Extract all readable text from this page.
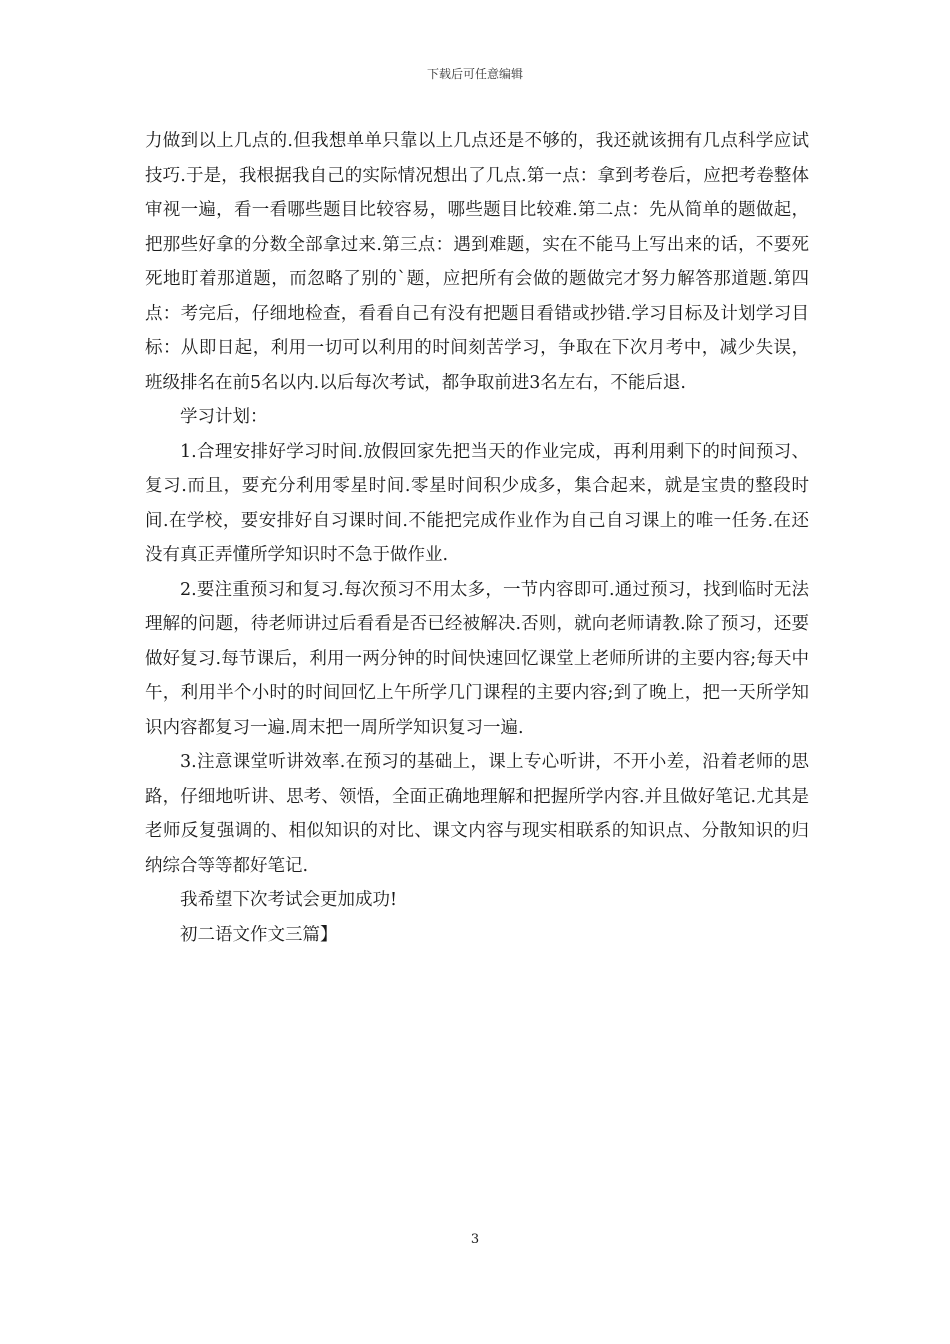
下载后可任意编辑

力做到以上几点的.但我想单单只靠以上几点还是不够的，我还就该拥有几点科学应试技巧.于是，我根据我自己的实际情况想出了几点.第一点：拿到考卷后，应把考卷整体审视一遍，看一看哪些题目比较容易，哪些题目比较难.第二点：先从简单的题做起，把那些好拿的分数全部拿过来.第三点：遇到难题，实在不能马上写出来的话，不要死死地盯着那道题，而忽略了别的`题，应把所有会做的题做完才努力解答那道题.第四点：考完后，仔细地检查，看看自己有没有把题目看错或抄错.学习目标及计划学习目标：从即日起，利用一切可以利用的时间刻苦学习，争取在下次月考中，减少失误，班级排名在前5名以内.以后每次考试，都争取前进3名左右，不能后退.

学习计划：

1.合理安排好学习时间.放假回家先把当天的作业完成，再利用剩下的时间预习、复习.而且，要充分利用零星时间.零星时间积少成多，集合起来，就是宝贵的整段时间.在学校，要安排好自习课时间.不能把完成作业作为自己自习课上的唯一任务.在还没有真正弄懂所学知识时不急于做作业.

2.要注重预习和复习.每次预习不用太多，一节内容即可.通过预习，找到临时无法理解的问题，待老师讲过后看看是否已经被解决.否则，就向老师请教.除了预习，还要做好复习.每节课后，利用一两分钟的时间快速回忆课堂上老师所讲的主要内容;每天中午，利用半个小时的时间回忆上午所学几门课程的主要内容;到了晚上，把一天所学知识内容都复习一遍.周末把一周所学知识复习一遍.

3.注意课堂听讲效率.在预习的基础上，课上专心听讲，不开小差，沿着老师的思路，仔细地听讲、思考、领悟，全面正确地理解和把握所学内容.并且做好笔记.尤其是老师反复强调的、相似知识的对比、课文内容与现实相联系的知识点、分散知识的归纳综合等等都好笔记.

我希望下次考试会更加成功!

初二语文作文三篇】

3
